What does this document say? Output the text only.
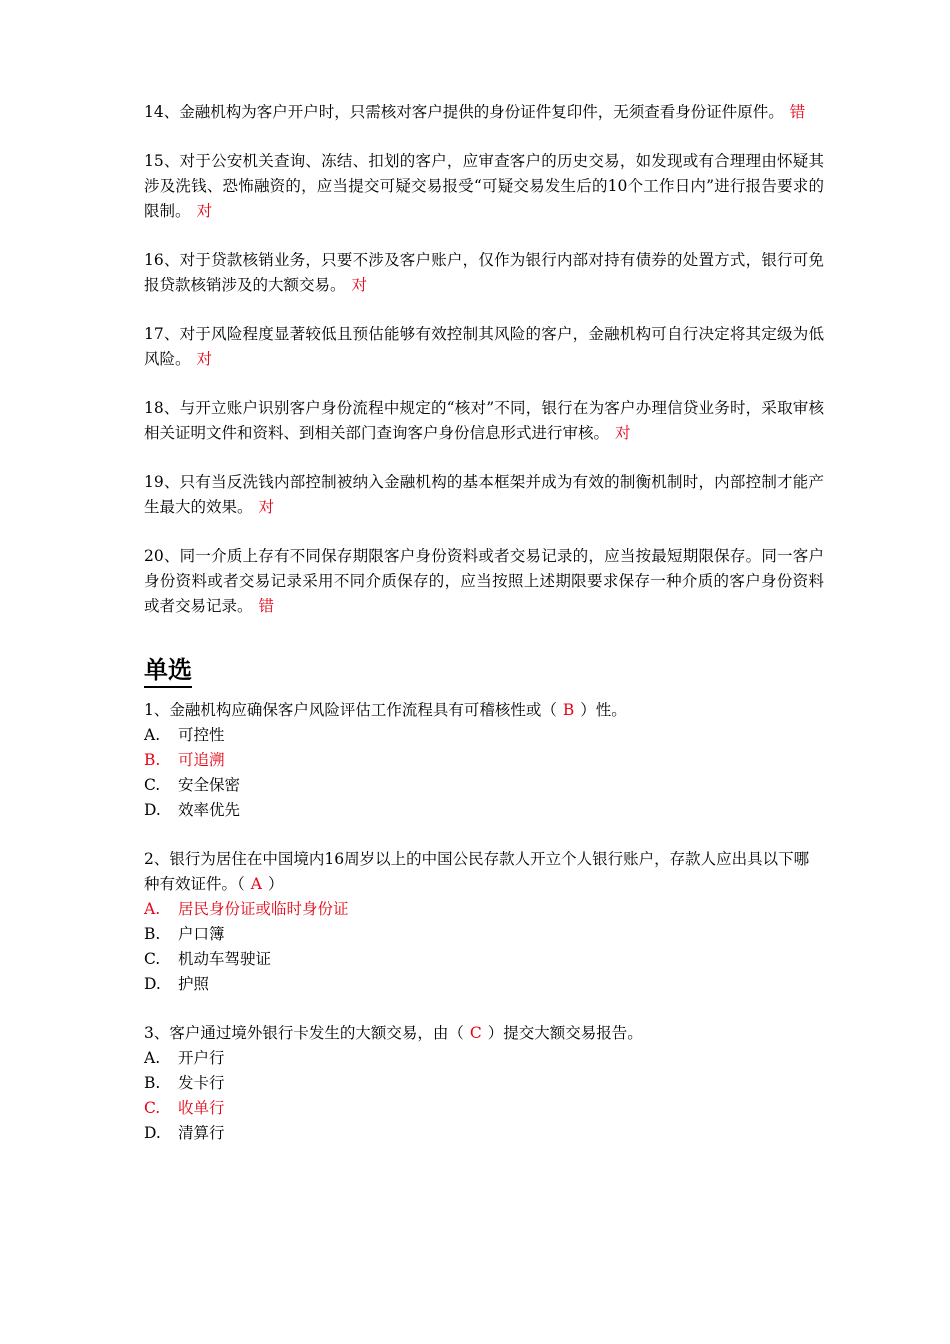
14、金融机构为客户开户时，只需核对客户提供的身份证件复印件，无须查看身份证件原件。 错
15、对于公安机关查询、冻结、扣划的客户，应审查客户的历史交易，如发现或有合理理由怀疑其涉及洗钱、恐怖融资的，应当提交可疑交易报受“可疑交易发生后的10个工作日内”进行报告要求的限制。 对
16、对于贷款核销业务，只要不涉及客户账户，仅作为银行内部对持有债券的处置方式，银行可免报贷款核销涉及的大额交易。 对
17、对于风险程度显著较低且预估能够有效控制其风险的客户，金融机构可自行决定将其定级为低风险。 对
18、与开立账户识别客户身份流程中规定的“核对”不同，银行在为客户办理信贷业务时，采取审核相关证明文件和资料、到相关部门查询客户身份信息形式进行审核。 对
19、只有当反洗钱内部控制被纳入金融机构的基本框架并成为有效的制衡机制时，内部控制才能产生最大的效果。 对
20、同一介质上存有不同保存期限客户身份资料或者交易记录的，应当按最短期限保存。同一客户身份资料或者交易记录采用不同介质保存的，应当按照上述期限要求保存一种介质的客户身份资料或者交易记录。 错
单选
1、金融机构应确保客户风险评估工作流程具有可稽核性或（ B ）性。
A.	可控性
B.	可追溯
C.	安全保密
D.	效率优先
2、银行为居住在中国境内16周岁以上的中国公民存款人开立个人银行账户，存款人应出具以下哪种有效证件。（ A ）
A.	居民身份证或临时身份证
B.	户口簿
C.	机动车驾驶证
D.	护照
3、客户通过境外银行卡发生的大额交易，由（ C ）提交大额交易报告。
A.	开户行
B.	发卡行
C.	收单行
D.	清算行
